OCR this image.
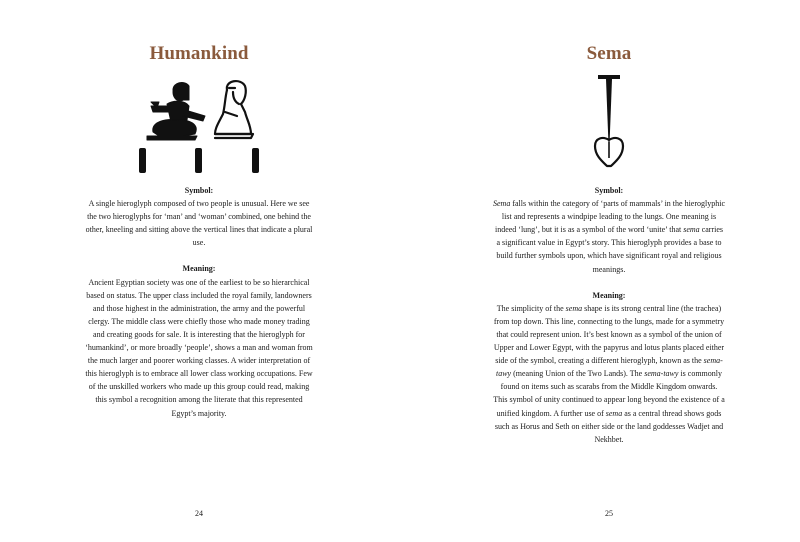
Humankind
Symbol:
A single hieroglyph composed of two people is unusual. Here we see the two hieroglyphs for ‘man’ and ‘woman’ combined, one behind the other, kneeling and sitting above the vertical lines that indicate a plural use.
Meaning:
Ancient Egyptian society was one of the earliest to be so hierarchical based on status. The upper class included the royal family, landowners and those highest in the administration, the army and the powerful clergy. The middle class were chiefly those who made money trading and creating goods for sale. It is interesting that the hieroglyph for ‘humankind’, or more broadly ‘people’, shows a man and woman from the much larger and poorer working classes. A wider interpretation of this hieroglyph is to embrace all lower class working occupations. Few of the unskilled workers who made up this group could read, making this symbol a recognition among the literate that this represented Egypt’s majority.
24
Sema
Symbol:
Sema falls within the category of ‘parts of mammals’ in the hieroglyphic list and represents a windpipe leading to the lungs. One meaning is indeed ‘lung’, but it is as a symbol of the word ‘unite’ that sema carries a significant value in Egypt’s story. This hieroglyph provides a base to build further symbols upon, which have significant royal and religious meanings.
Meaning:
The simplicity of the sema shape is its strong central line (the trachea) from top down. This line, connecting to the lungs, made for a symmetry that could represent union. It’s best known as a symbol of the union of Upper and Lower Egypt, with the papyrus and lotus plants placed either side of the symbol, creating a different hieroglyph, known as the sema-tawy (meaning Union of the Two Lands). The sema-tawy is commonly found on items such as scarabs from the Middle Kingdom onwards. This symbol of unity continued to appear long beyond the existence of a unified kingdom. A further use of sema as a central thread shows gods such as Horus and Seth on either side or the land goddesses Wadjet and Nekhbet.
25
